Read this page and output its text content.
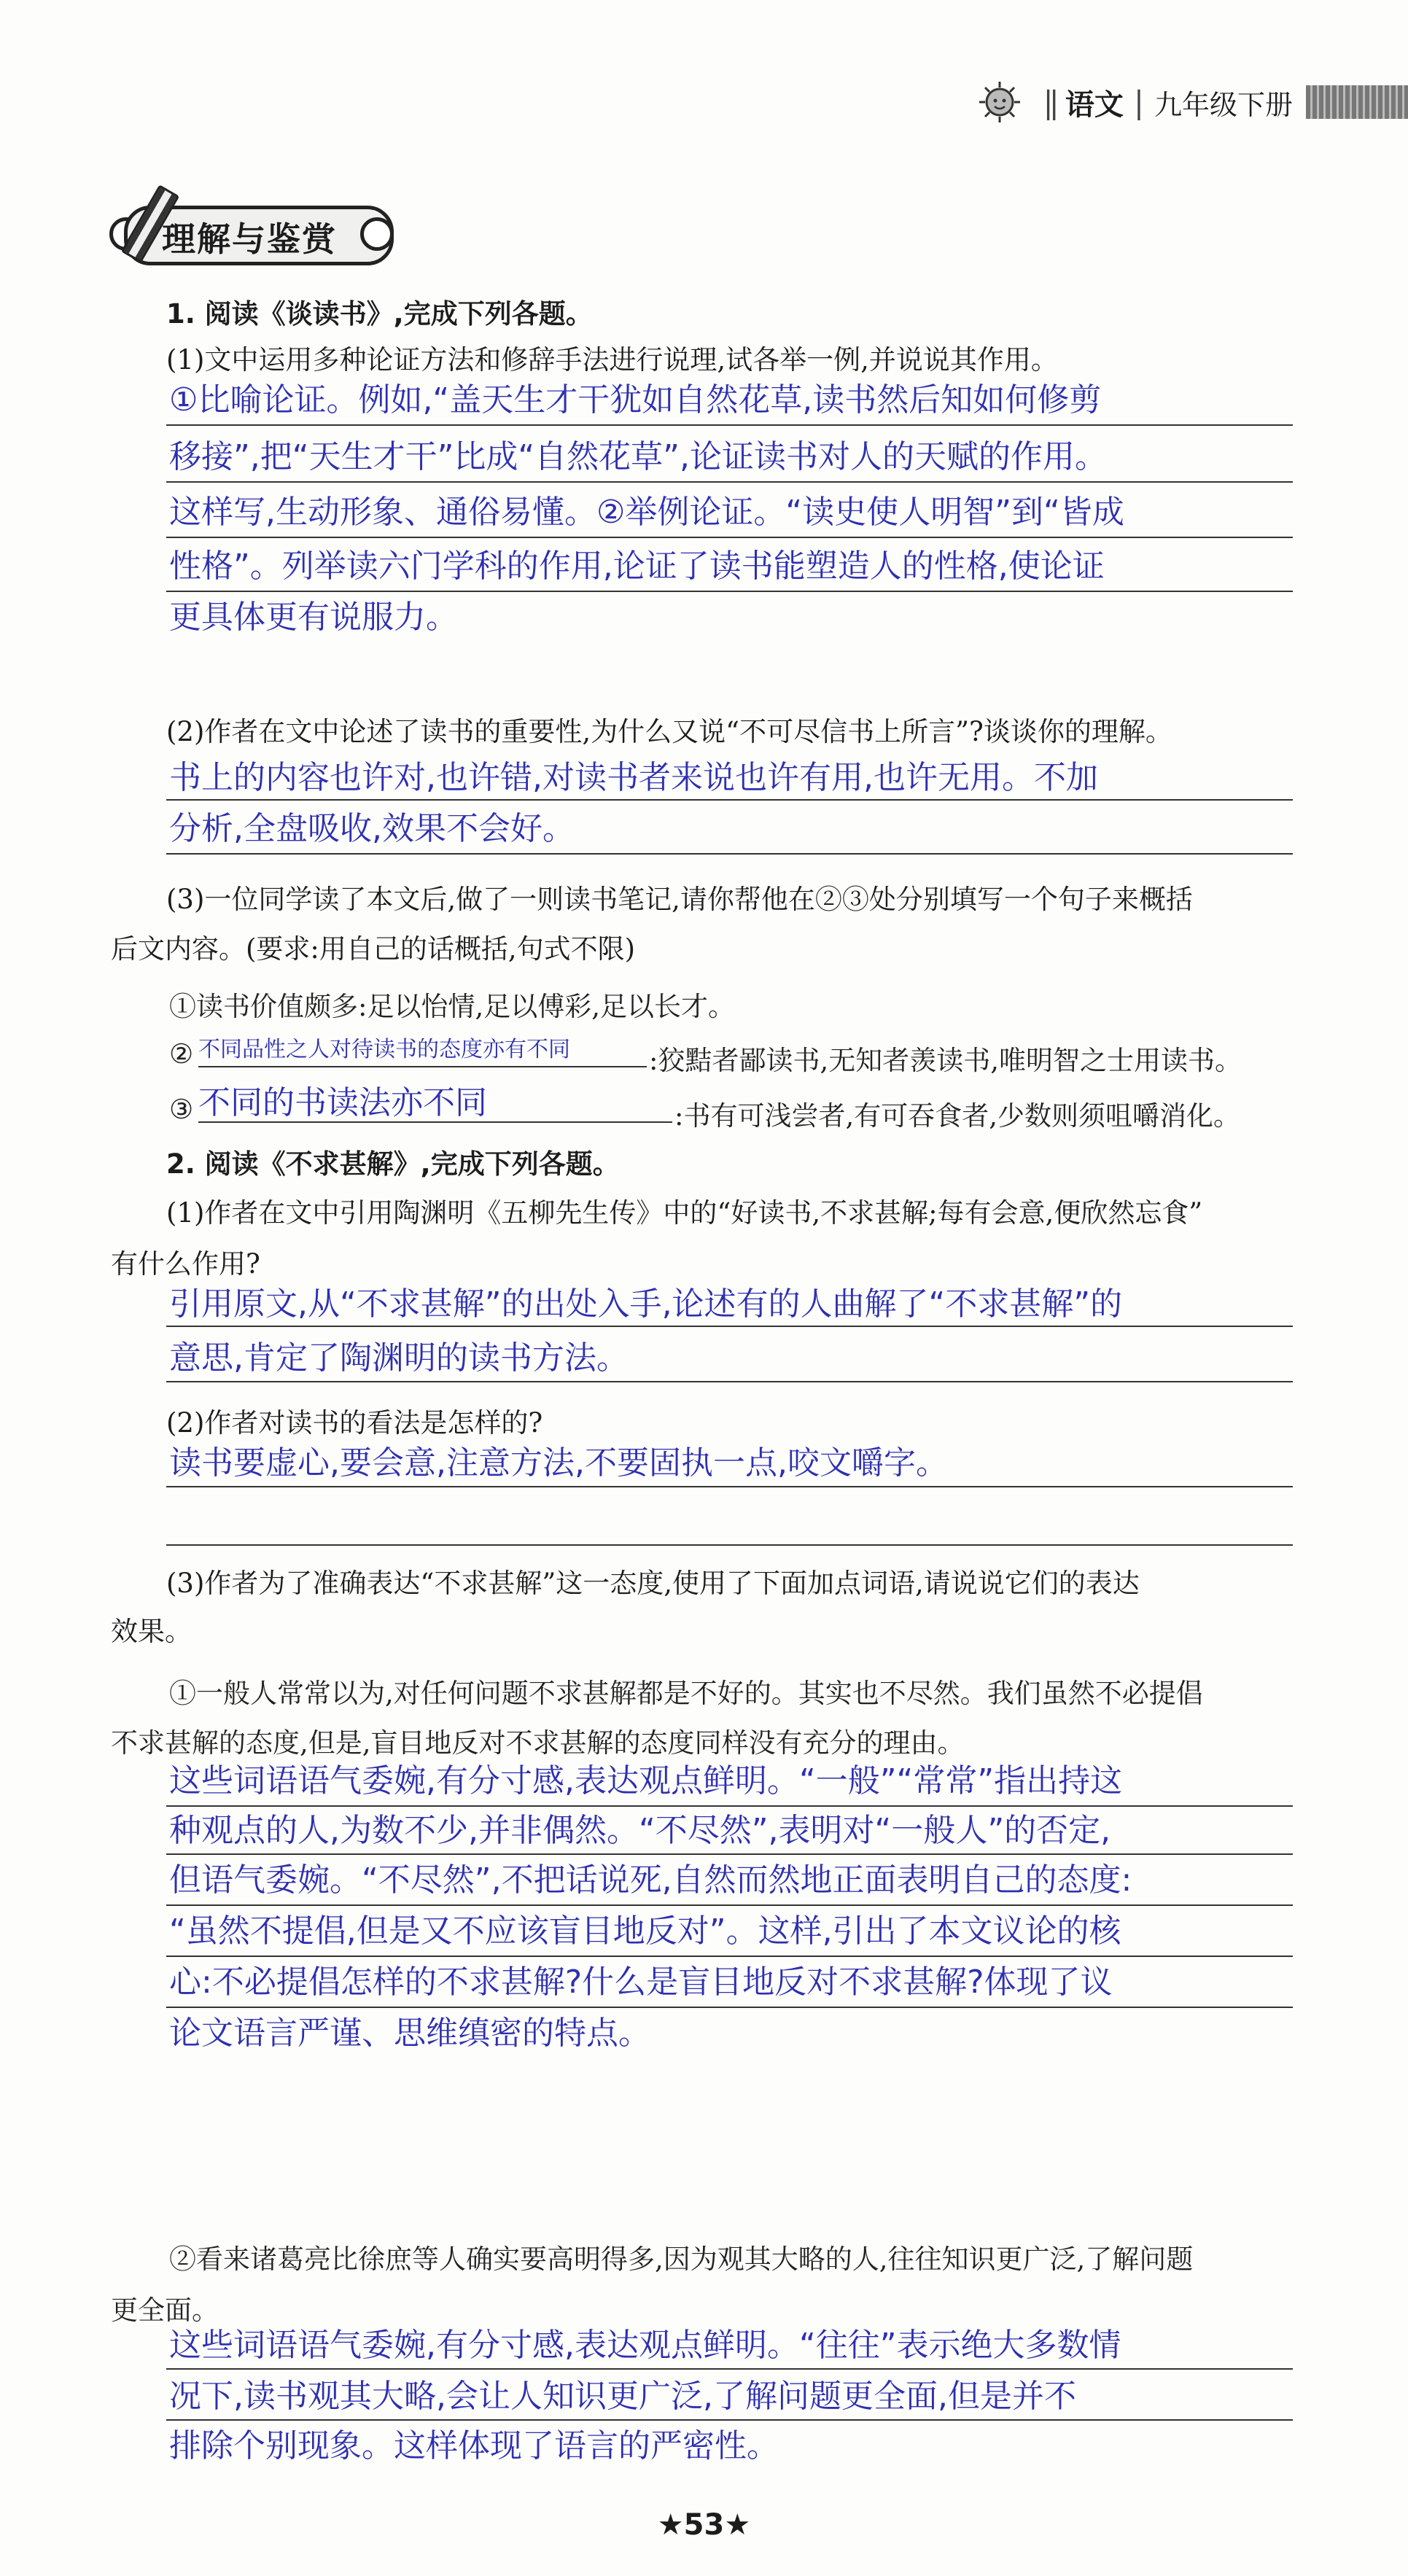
|| 语文 | 九年级下册
理解与鉴赏
1. 阅读《谈读书》,完成下列各题。
(1)文中运用多种论证方法和修辞手法进行说理,试各举一例,并说说其作用。
①比喻论证。例如,“盖天生才干犹如自然花草,读书然后知如何修剪
移接”,把“天生才干”比成“自然花草”,论证读书对人的天赋的作用。
这样写,生动形象、通俗易懂。②举例论证。“读史使人明智”到“皆成
性格”。列举读六门学科的作用,论证了读书能塑造人的性格,使论证
更具体更有说服力。
(2)作者在文中论述了读书的重要性,为什么又说“不可尽信书上所言”?谈谈你的理解。
书上的内容也许对,也许错,对读书者来说也许有用,也许无用。不加
分析,全盘吸收,效果不会好。
(3)一位同学读了本文后,做了一则读书笔记,请你帮他在②③处分别填写一个句子来概括
后文内容。(要求:用自己的话概括,句式不限)
①读书价值颇多:足以怡情,足以傅彩,足以长才。
② 不同品性之人对待读书的态度亦有不同	:狡黠者鄙读书,无知者羡读书,唯明智之士用读书。
③ 不同的书读法亦不同	:书有可浅尝者,有可吞食者,少数则须咀嚼消化。
2. 阅读《不求甚解》,完成下列各题。
(1)作者在文中引用陶渊明《五柳先生传》中的“好读书,不求甚解;每有会意,便欣然忘食”
有什么作用?
引用原文,从“不求甚解”的出处入手,论述有的人曲解了“不求甚解”的
意思,肯定了陶渊明的读书方法。
(2)作者对读书的看法是怎样的?
读书要虚心,要会意,注意方法,不要固执一点,咬文嚼字。
(3)作者为了准确表达“不求甚解”这一态度,使用了下面加点词语,请说说它们的表达
效果。
①一般人常常以为,对任何问题不求甚解都是不好的。其实也不尽然。我们虽然不必提倡
不求甚解的态度,但是,盲目地反对不求甚解的态度同样没有充分的理由。
这些词语语气委婉,有分寸感,表达观点鲜明。“一般”“常常”指出持这
种观点的人,为数不少,并非偶然。“不尽然”,表明对“一般人”的否定,
但语气委婉。“不尽然”,不把话说死,自然而然地正面表明自己的态度:
“虽然不提倡,但是又不应该盲目地反对”。这样,引出了本文议论的核
心:不必提倡怎样的不求甚解?什么是盲目地反对不求甚解?体现了议
论文语言严谨、思维缜密的特点。
②看来诸葛亮比徐庶等人确实要高明得多,因为观其大略的人,往往知识更广泛,了解问题
更全面。
这些词语语气委婉,有分寸感,表达观点鲜明。“往往”表示绝大多数情
况下,读书观其大略,会让人知识更广泛,了解问题更全面,但是并不
排除个别现象。这样体现了语言的严密性。
★53★
